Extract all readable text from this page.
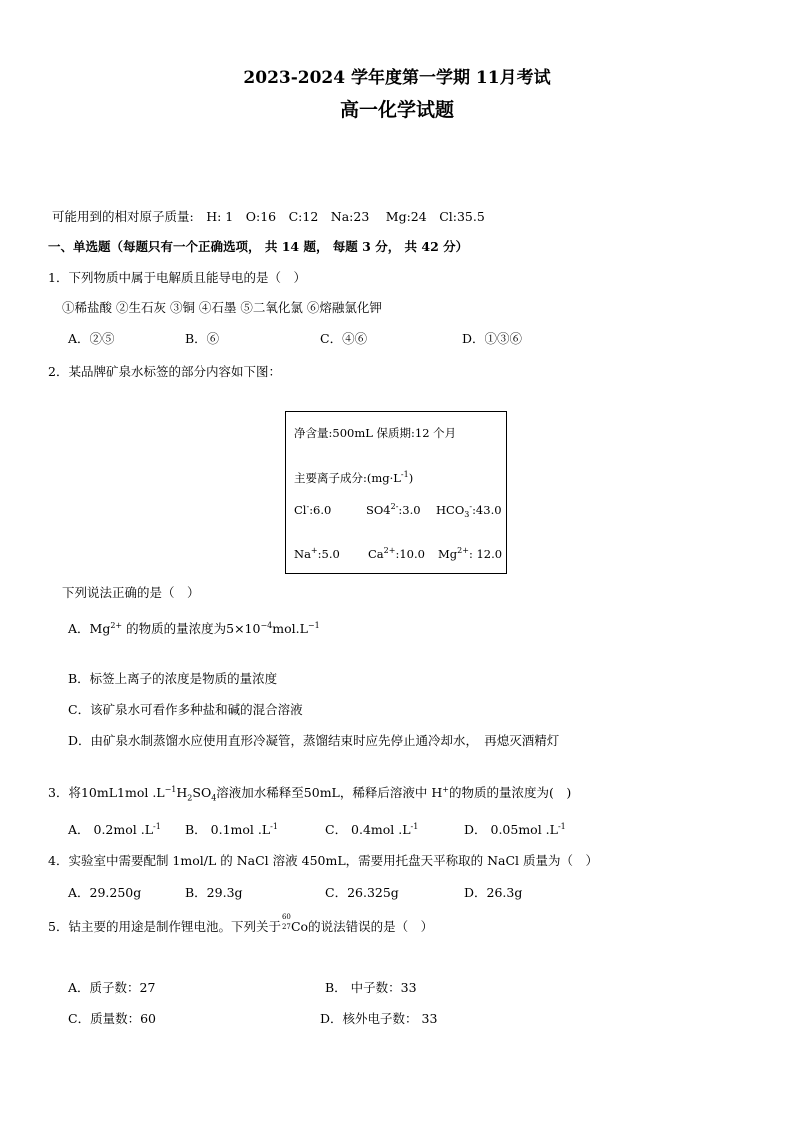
2023-2024 学年度第一学期 11月考试
高一化学试题
可能用到的相对原子质量:　H: 1　O:16　C:12　Na:23　 Mg:24　Cl:35.5
一、单选题（每题只有一个正确选项， 共 14 题， 每题 3 分， 共 42 分）
1．下列物质中属于电解质且能导电的是（　）
①稀盐酸 ②生石灰 ③铜 ④石墨 ⑤二氧化氯 ⑥熔融氯化钾
A．②⑤	B．⑥	C．④⑥	D．①③⑥
2．某品牌矿泉水标签的部分内容如下图：
净含量:500mL 保质期:12 个月
主要离子成分$:(mg\cdot L^{-1})$
Cl-:6.0	$SO4^{2-}:3.0$ $HCO_3^-:43.0$
Na+:5.0 $Ca^{2+}:10.0$ $Mg^{2+}$: 12.0
下列说法正确的是（　）
A．$Mg^{2+}$ 的物质的量浓度为$5\times 10^{-4}mol.L^{-1}$
B．标签上离子的浓度是物质的量浓度
C．该矿泉水可看作多种盐和碱的混合溶液
D．由矿泉水制蒸馏水应使用直形冷凝管，蒸馏结束时应先停止通冷却水，　再熄灭酒精灯
3．将10mL1mol $.L^{-1}H_2SO_4$溶液加水稀释至50mL，稀释后溶液中 H+的物质的量浓度为(　)
A． 0.2mol $.L^{-1}$ B． 0.1mol $.L^{-1}$	C． 0.4mol $.L^{-1}$	D． 0.05mol $.L^{-1}$
4．实验室中需要配制 1mol/L 的 NaCl 溶液 450mL，需要用托盘天平称取的 NaCl 质量为（　）
A．29.250g	B．29.3g	C．26.325g	D．26.3g
5．钴主要的用途是制作锂电池。下列关于
60
27 Co的说法错误的是（　）
A．质子数：27	B． 中子数：33
C．质量数：60	D．核外电子数： 33
